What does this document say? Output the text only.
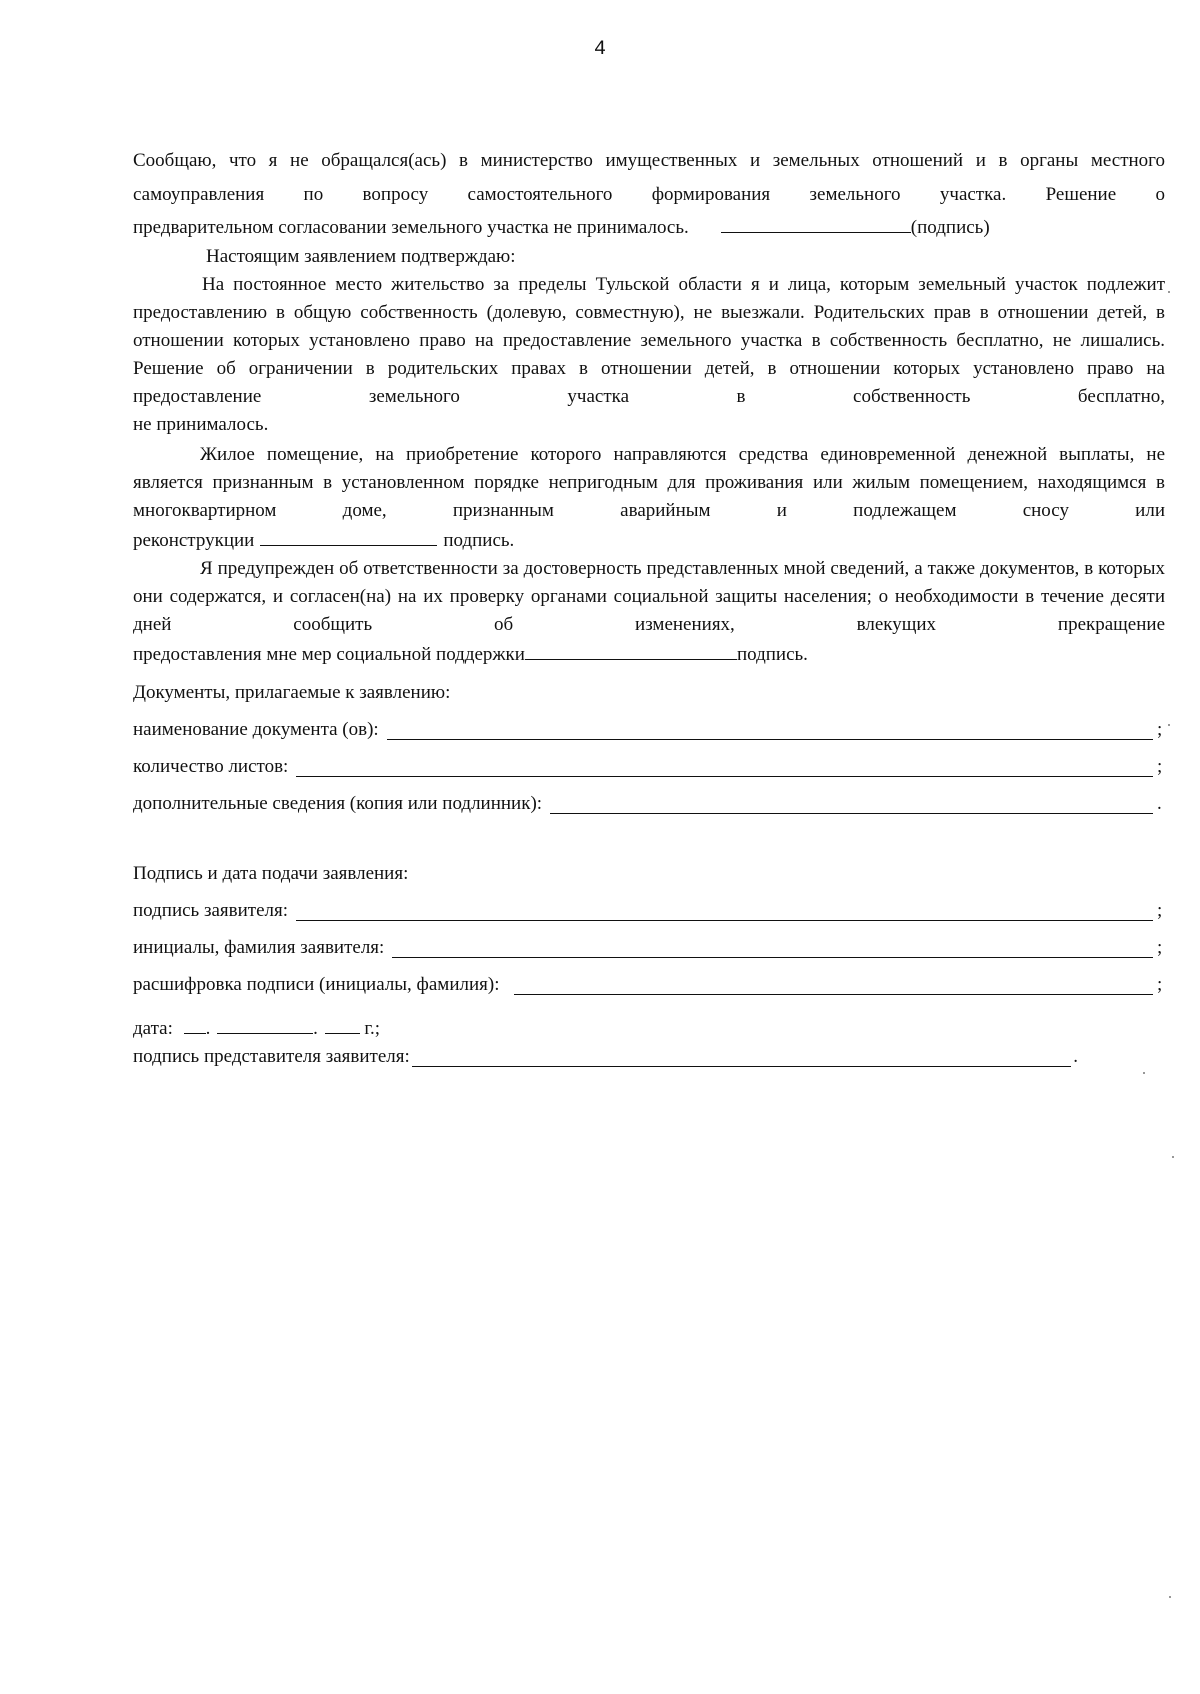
4
Сообщаю, что я не обращался(ась) в министерство имущественных и земельных отношений и в органы местного самоуправления по вопросу самостоятельного формирования земельного участка. Решение о
предварительном согласовании земельного участка не принималось.	(подпись)
Настоящим заявлением подтверждаю:
На постоянное место жительство за пределы Тульской области я и лица, которым земельный участок подлежит предоставлению в общую собственность (долевую, совместную), не выезжали. Родительских прав в отношении детей, в отношении которых установлено право на предоставление земельного участка в собственность бесплатно, не лишались. Решение об ограничении в родительских правах в отношении детей, в отношении которых установлено право на предоставление земельного участка в собственность бесплатно,
не принималось.
Жилое помещение, на приобретение которого направляются средства единовременной денежной выплаты, не является признанным в установленном порядке непригодным для проживания или жилым помещением, находящимся в многоквартирном доме, признанным аварийным и подлежащем сносу или
реконструкции	подпись.
Я предупрежден об ответственности за достоверность представленных мной сведений, а также документов, в которых они содержатся, и согласен(на) на их проверку органами социальной защиты населения; о необходимости в течение десяти дней сообщить об изменениях, влекущих прекращение
предоставления мне мер социальной поддержки	подпись.
Документы, прилагаемые к заявлению:
наименование документа (ов):	;
количество листов:	;
дополнительные сведения (копия или подлинник):	.
Подпись и дата подачи заявления:
подпись заявителя:	;
инициалы, фамилия заявителя:	;
расшифровка подписи (инициалы, фамилия):	;
дата: .	. г.;
подпись представителя заявителя:	.
